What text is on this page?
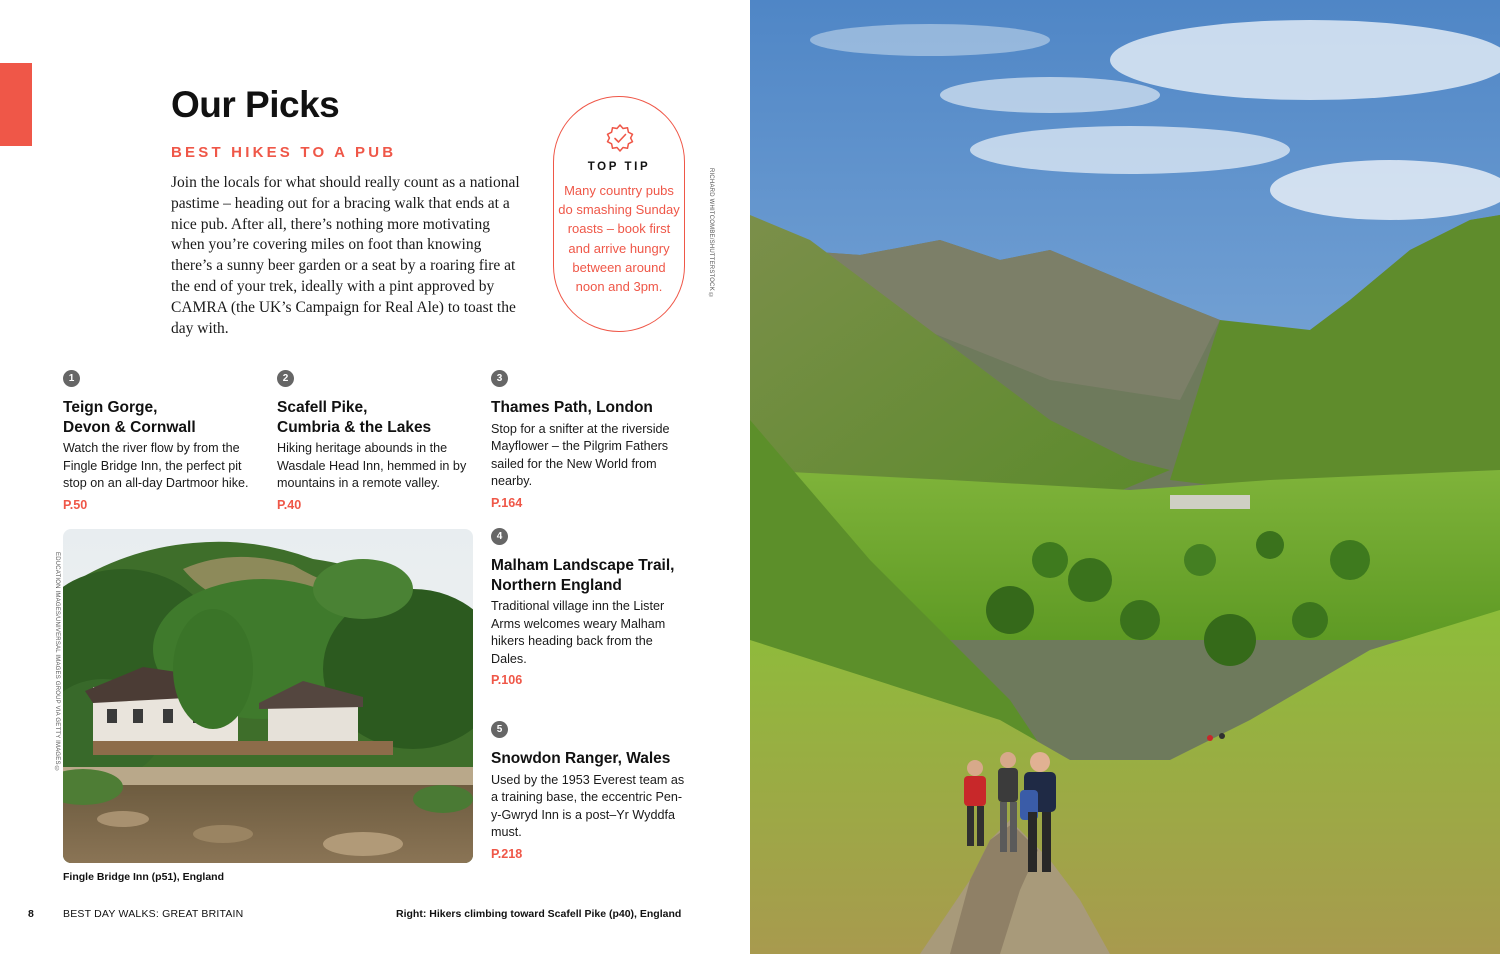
Our Picks
BEST HIKES TO A PUB

Join the locals for what should really count as a national pastime – heading out for a bracing walk that ends at a nice pub. After all, there’s nothing more motivating when you’re covering miles on foot than knowing there’s a sunny beer garden or a seat by a roaring fire at the end of your trek, ideally with a pint approved by CAMRA (the UK’s Campaign for Real Ale) to toast the day with.

TOP TIP
Many country pubs do smashing Sunday roasts – book first and arrive hungry between around noon and 3pm.	RICHARD WHITCOMBE/SHUTTERSTOCK ©
1
Teign Gorge,
Devon & Cornwall
Watch the river flow by from the Fingle Bridge Inn, the perfect pit stop on an all-day Dartmoor hike.
P.50
2
Scafell Pike,
Cumbria & the Lakes
Hiking heritage abounds in the Wasdale Head Inn, hemmed in by mountains in a remote valley.
P.40
3
Thames Path, London
Stop for a snifter at the riverside Mayflower – the Pilgrim Fathers sailed for the New World from nearby.
P.164
4
Malham Landscape Trail,
Northern England
Traditional village inn the Lister Arms welcomes weary Malham hikers heading back from the Dales.
P.106
5
Snowdon Ranger, Wales
Used by the 1953 Everest team as a training base, the eccentric Pen-y-Gwryd Inn is a post–Yr Wyddfa must.
P.218
EDUCATION IMAGES/UNIVERSAL IMAGES GROUP VIA GETTY IMAGES ©
Fingle Bridge Inn (p51), England
Right: Hikers climbing toward Scafell Pike (p40), England
8	BEST DAY WALKS: GREAT BRITAIN
